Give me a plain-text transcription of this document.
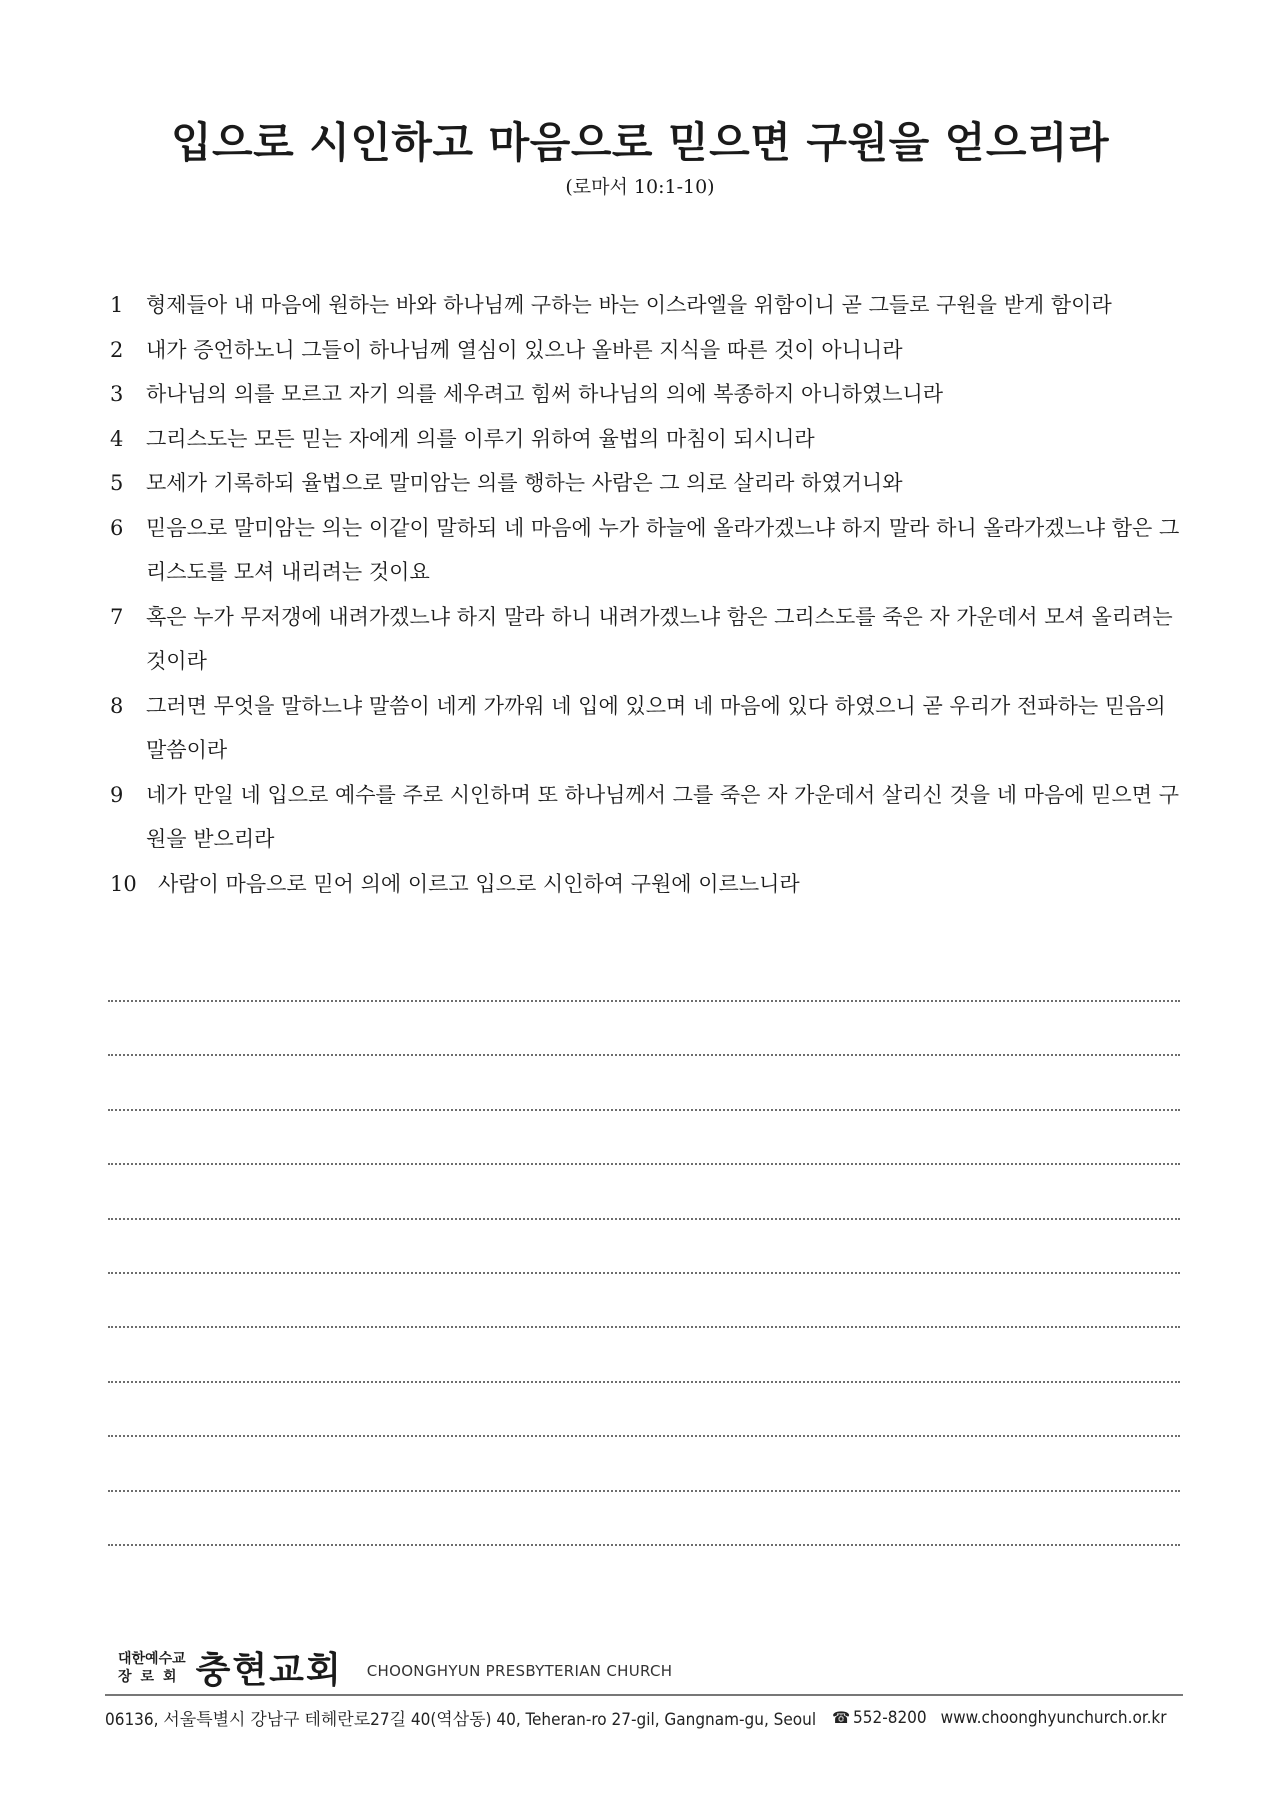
입으로 시인하고 마음으로 믿으면 구원을 얻으리라

(로마서 10:1-10)

1	형제들아 내 마음에 원하는 바와 하나님께 구하는 바는 이스라엘을 위함이니 곧 그들로 구원을 받게 함이라
2	내가 증언하노니 그들이 하나님께 열심이 있으나 올바른 지식을 따른 것이 아니니라
3	하나님의 의를 모르고 자기 의를 세우려고 힘써 하나님의 의에 복종하지 아니하였느니라
4	그리스도는 모든 믿는 자에게 의를 이루기 위하여 율법의 마침이 되시니라
5	모세가 기록하되 율법으로 말미암는 의를 행하는 사람은 그 의로 살리라 하였거니와
6	믿음으로 말미암는 의는 이같이 말하되 네 마음에 누가 하늘에 올라가겠느냐 하지 말라 하니 올라가겠느냐 함은 그리스도를 모셔 내리려는 것이요
7	혹은 누가 무저갱에 내려가겠느냐 하지 말라 하니 내려가겠느냐 함은 그리스도를 죽은 자 가운데서 모셔 올리려는 것이라
8	그러면 무엇을 말하느냐 말씀이 네게 가까워 네 입에 있으며 네 마음에 있다 하였으니 곧 우리가 전파하는 믿음의 말씀이라
9	네가 만일 네 입으로 예수를 주로 시인하며 또 하나님께서 그를 죽은 자 가운데서 살리신 것을 네 마음에 믿으면 구원을 받으리라
10	사람이 마음으로 믿어 의에 이르고 입으로 시인하여 구원에 이르느니라
대한예수교
장로회 충현교회 CHOONGHYUN PRESBYTERIAN CHURCH
06136, 서울특별시 강남구 테헤란로27길 40(역삼동) 40, Teheran-ro 27-gil, Gangnam-gu, Seoul ☎ 552-8200 www.choonghyunchurch.or.kr
